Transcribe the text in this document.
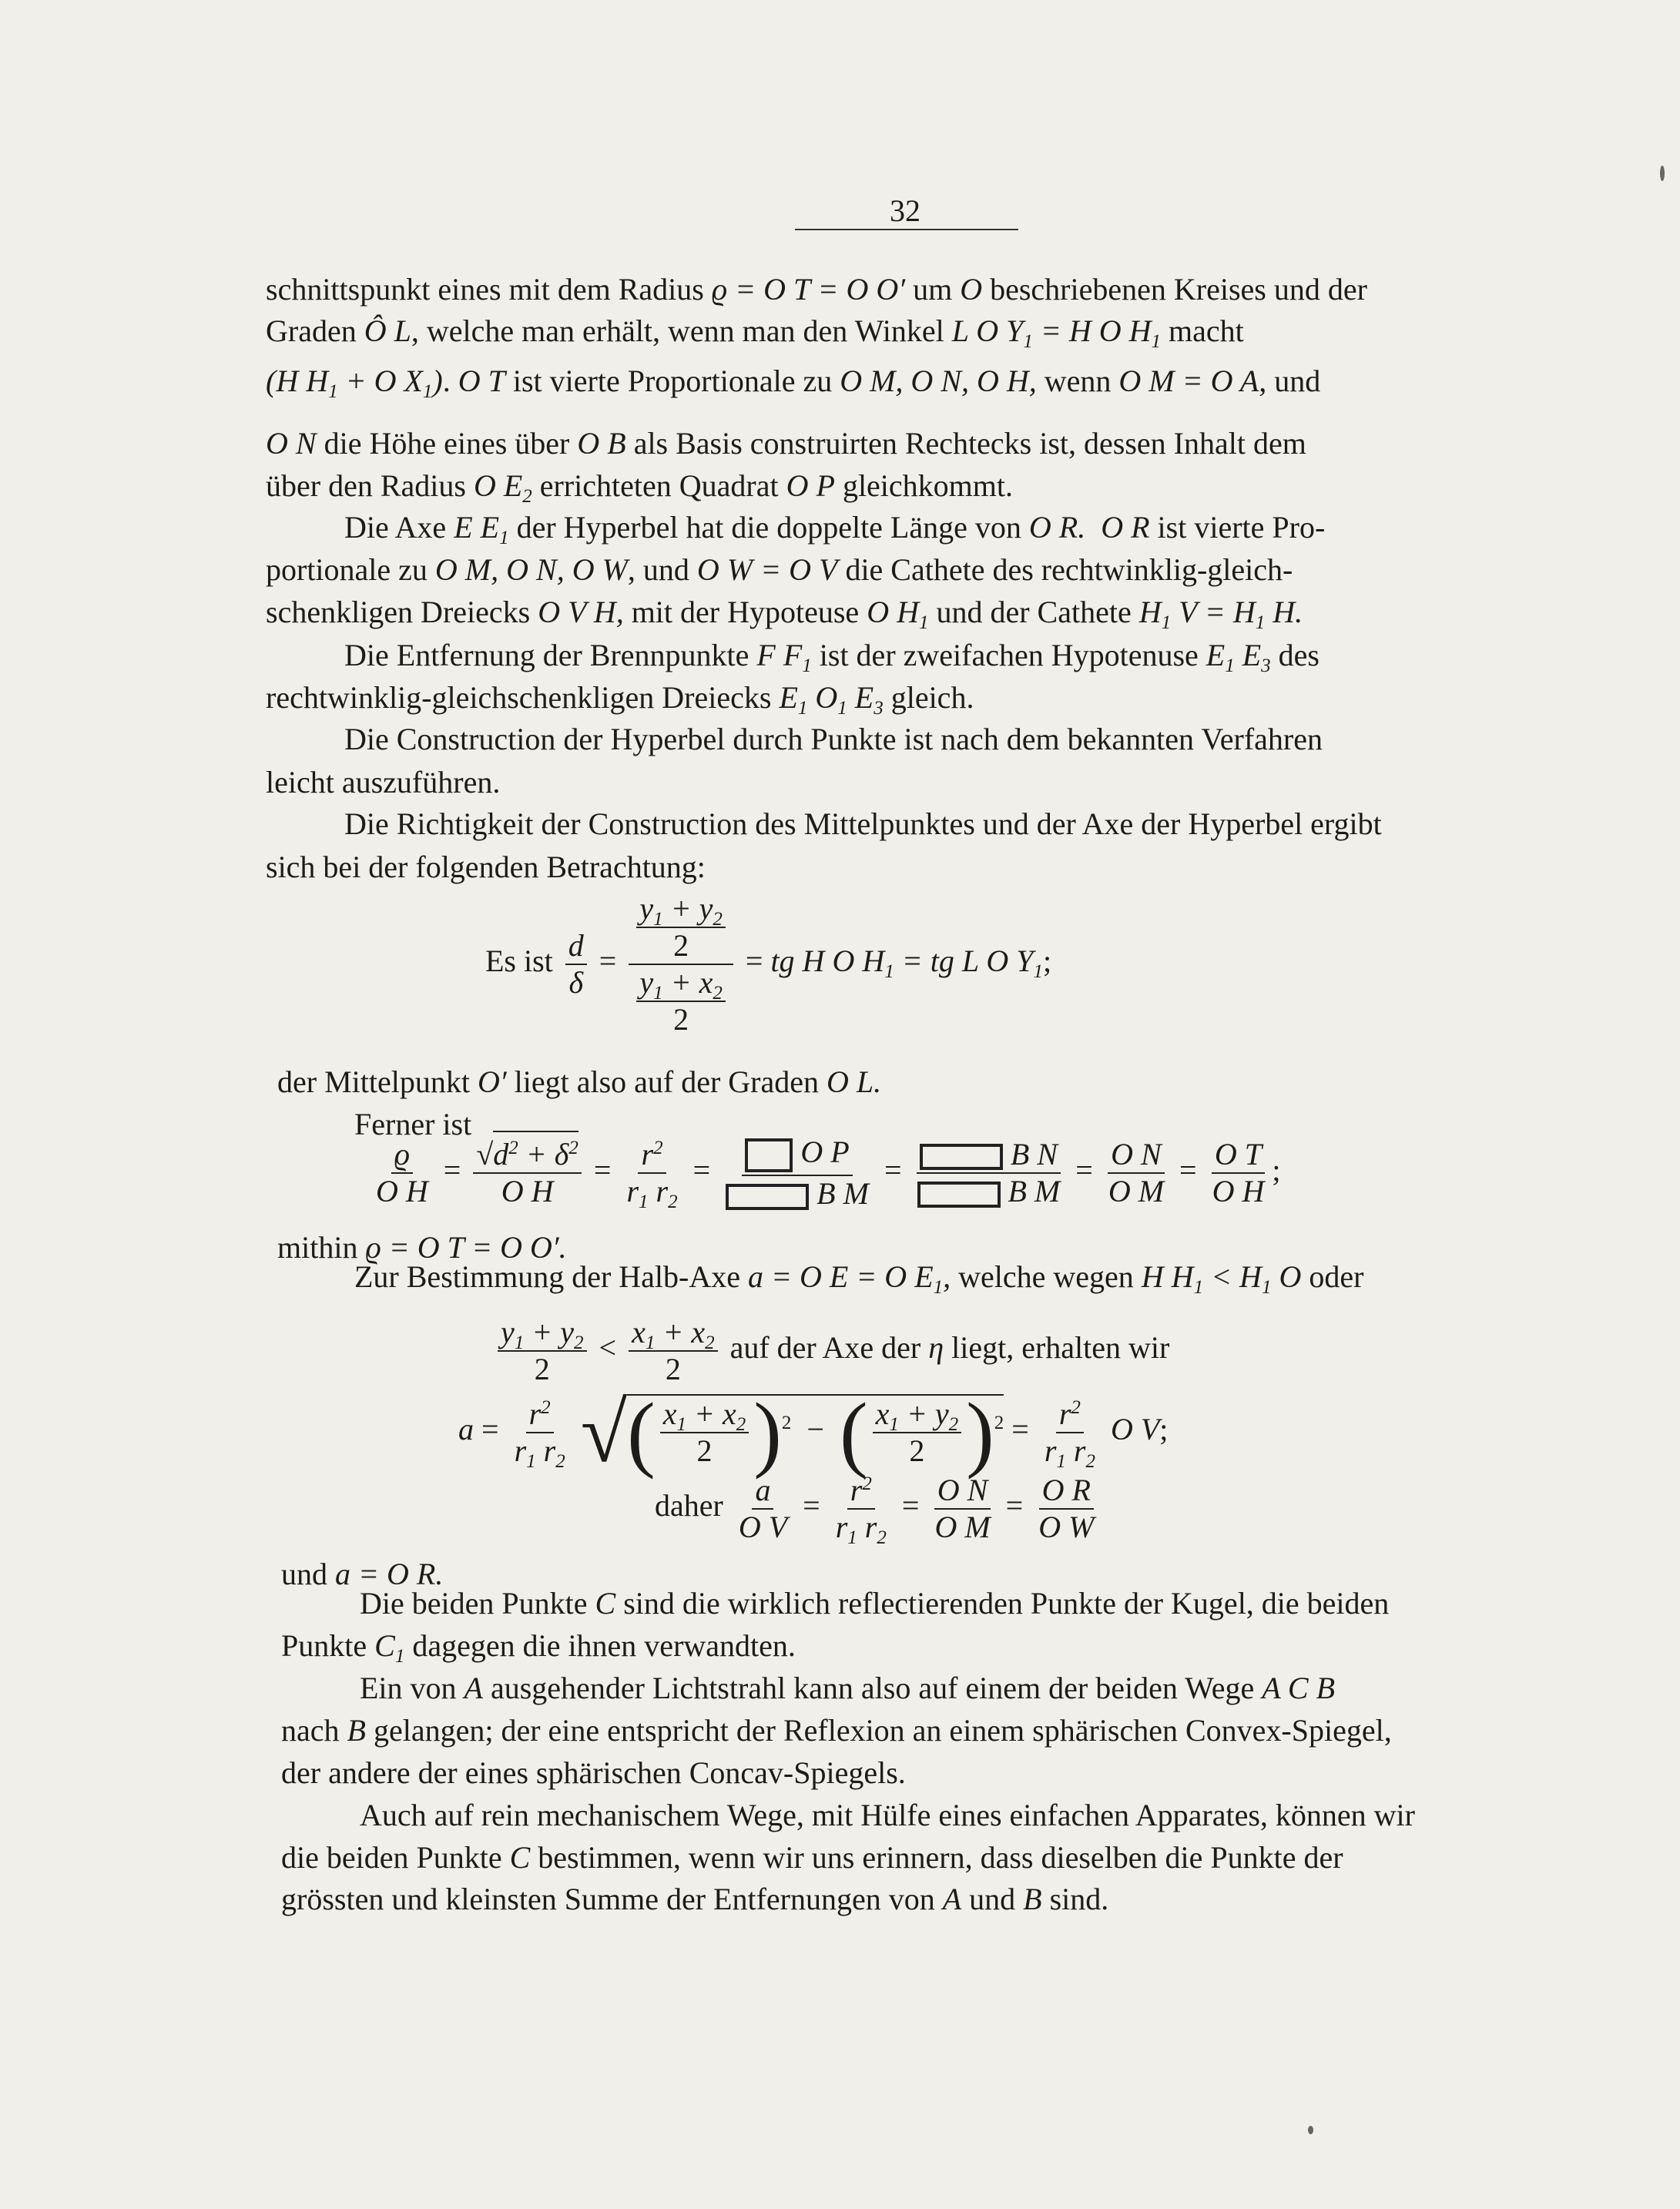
32
schnittspunkt eines mit dem Radius ϱ = O T = O O′ um O beschriebenen Kreises und der
Graden Ô L, welche man erhält, wenn man den Winkel L O $Y_1 = H$ O $H_1$ macht
(H $H_1 + O$ $X_1$). O T ist vierte Proportionale zu O M, O N, O H, wenn O M = O A, und
O N die Höhe eines über O B als Basis construirten Rechtecks ist, dessen Inhalt dem
über den Radius O $E_2$ errichteten Quadrat O P gleichkommt.
Die Axe E $E_1$ der Hyperbel hat die doppelte Länge von O R. O R ist vierte Pro-
portionale zu O M, O N, O W, und O W = O V die Cathete des rechtwinklig-gleich-
schenkligen Dreiecks O V H, mit der Hypoteuse O $H_1$ und der Cathete $H_1$ $V = H_1$ H.
Die Entfernung der Brennpunkte F $F_1$ ist der zweifachen Hypotenuse $E_1$ $E_3$ des
rechtwinklig-gleichschenkligen Dreiecks $E_1$ $O_1$ $E_3$ gleich.
Die Construction der Hyperbel durch Punkte ist nach dem bekannten Verfahren
leicht auszuführen.
Die Richtigkeit der Construction des Mittelpunktes und der Axe der Hyperbel ergibt
sich bei der folgenden Betrachtung:
Es ist $\frac{d}{\delta} = \frac{\frac{y_1 + y_2}{2}}{\frac{y_1 + x_2}{2}}$ = tg H O $H_1$ = tg L O $Y_1$;
der Mittelpunkt O′ liegt also auf der Graden O L.
Ferner ist
$\frac{ϱ}{\text{O H}} = \frac{√d^2 + \delta^2}{\text{O H}} = \frac{r^2}{r_1 r_2} = \frac{\text{O P}}{\text{B M}} = \frac{\text{B N}}{\text{B M}} = \frac{\text{O N}}{\text{O M}} = \frac{\text{O T}}{\text{O H}}$ ;
mithin ϱ = O T = O O′.
Zur Bestimmung der Halb-Axe a = O E = O $E_1$, welche wegen H $H_1 < H_1$ O oder
$\frac{y_1 + y_2}{2} < \frac{x_1 + x_2}{2}$ auf der Axe der η liegt, erhalten wir
$a = \frac{r^2}{r_1 r_2}$ √( $\frac{x_1 + x_2}{2} )^2$  −  ( $\frac{x_1 + y_2}{2} )^2 = \frac{r^2}{r_1 r_2}$ O V;
daher $\frac{a}{\text{O V}} = \frac{r^2}{r_1 r_2} = \frac{\text{O N}}{\text{O M}} = \frac{\text{O R}}{\text{O W}}$
und a = O R.
Die beiden Punkte C sind die wirklich reflectierenden Punkte der Kugel, die beiden
Punkte $C_1$ dagegen die ihnen verwandten.
Ein von A ausgehender Lichtstrahl kann also auf einem der beiden Wege A C B
nach B gelangen; der eine entspricht der Reflexion an einem sphärischen Convex-Spiegel,
der andere der eines sphärischen Concav-Spiegels.
Auch auf rein mechanischem Wege, mit Hülfe eines einfachen Apparates, können wir
die beiden Punkte C bestimmen, wenn wir uns erinnern, dass dieselben die Punkte der
grössten und kleinsten Summe der Entfernungen von A und B sind.
